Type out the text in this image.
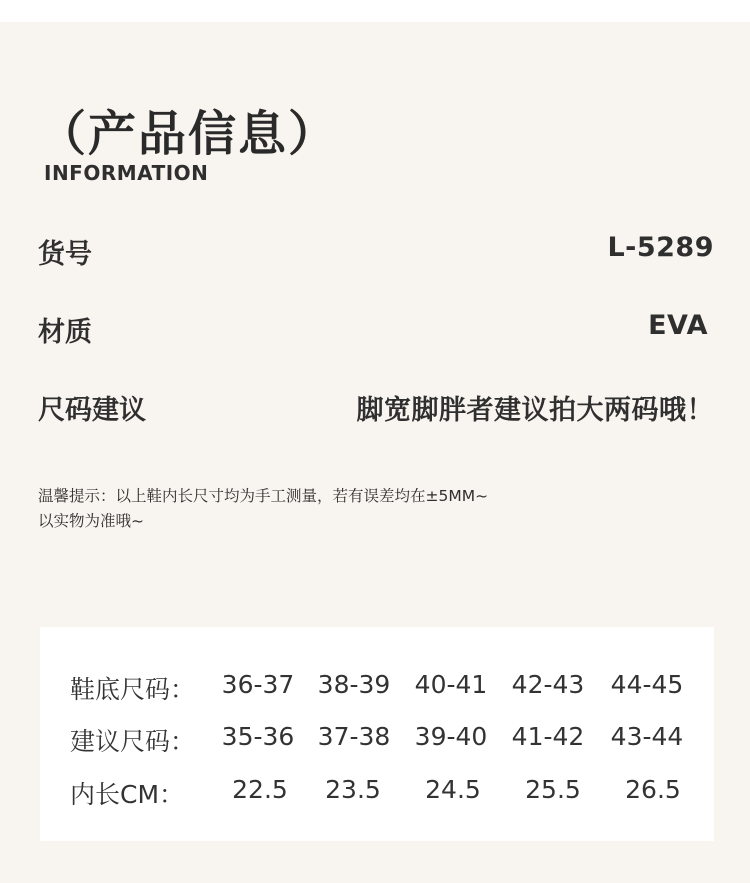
（产品信息）
INFORMATION
货号	L-5289
材质	EVA
尺码建议	脚宽脚胖者建议拍大两码哦！
温馨提示：以上鞋内长尺寸均为手工测量，若有误差均在±5MM~
以实物为准哦~
鞋底尺码：	36-37 38-39 40-41 42-43	44-45
建议尺码：	35-36 37-38 39-40 41-42	43-44
内长CM：	22.5	23.5	24.5	25.5	26.5
